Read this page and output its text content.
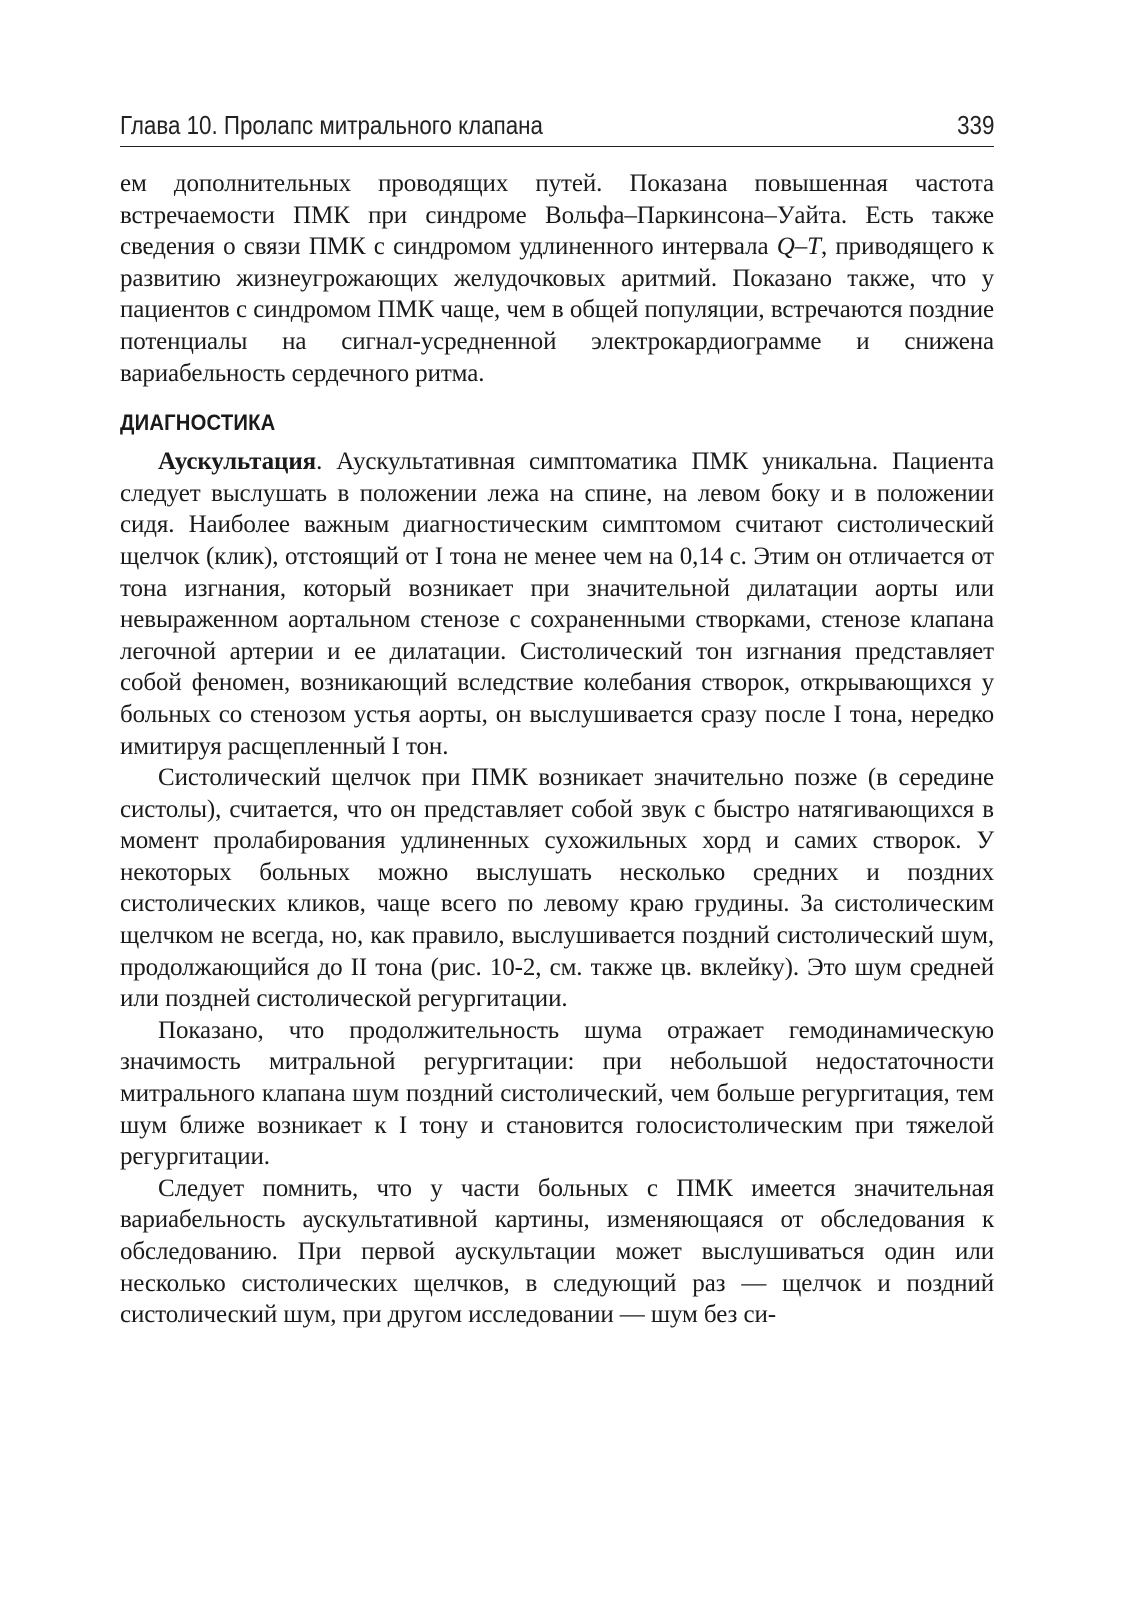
Глава 10. Пролапс митрального клапана	339

ем дополнительных проводящих путей. Показана повышенная частота встречаемости ПМК при синдроме Вольфа–Паркинсона–Уайта. Есть также сведения о связи ПМК с синдромом удлиненного интервала Q–T, приводящего к развитию жизнеугрожающих желудочковых аритмий. Показано также, что у пациентов с синдромом ПМК чаще, чем в общей популяции, встречаются поздние потенциалы на сигнал-усредненной электрокардиограмме и снижена вариабельность сердечного ритма.

ДИАГНОСТИКА

Аускультация. Аускультативная симптоматика ПМК уникальна. Пациента следует выслушать в положении лежа на спине, на левом боку и в положении сидя. Наиболее важным диагностическим симптомом считают систолический щелчок (клик), отстоящий от I тона не менее чем на 0,14 с. Этим он отличается от тона изгнания, который возникает при значительной дилатации аорты или невыраженном аортальном стенозе с сохраненными створками, стенозе клапана легочной артерии и ее дилатации. Систолический тон изгнания представляет собой феномен, возникающий вследствие колебания створок, открывающихся у больных со стенозом устья аорты, он выслушивается сразу после I тона, нередко имитируя расщепленный I тон.

Систолический щелчок при ПМК возникает значительно позже (в середине систолы), считается, что он представляет собой звук с быстро натягивающихся в момент пролабирования удлиненных сухожильных хорд и самих створок. У некоторых больных можно выслушать несколько средних и поздних систолических кликов, чаще всего по левому краю грудины. За систолическим щелчком не всегда, но, как правило, выслушивается поздний систолический шум, продолжающийся до II тона (рис. 10-2, см. также цв. вклейку). Это шум средней или поздней систолической регургитации.

Показано, что продолжительность шума отражает гемодинамическую значимость митральной регургитации: при небольшой недостаточности митрального клапана шум поздний систолический, чем больше регургитация, тем шум ближе возникает к I тону и становится голосистолическим при тяжелой регургитации.

Следует помнить, что у части больных с ПМК имеется значительная вариабельность аускультативной картины, изменяющаяся от обследования к обследованию. При первой аускультации может выслушиваться один или несколько систолических щелчков, в следующий раз — щелчок и поздний систолический шум, при другом исследовании — шум без си-
